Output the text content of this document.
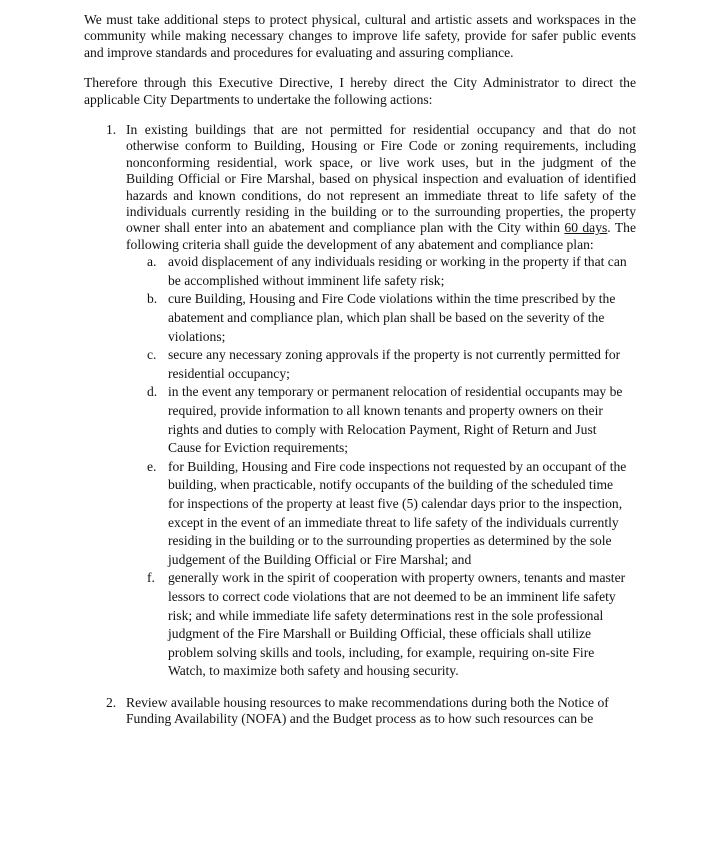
We must take additional steps to protect physical, cultural and artistic assets and workspaces in the community while making necessary changes to improve life safety, provide for safer public events and improve standards and procedures for evaluating and assuring compliance.

Therefore through this Executive Directive, I hereby direct the City Administrator to direct the applicable City Departments to undertake the following actions:

1. In existing buildings that are not permitted for residential occupancy and that do not otherwise conform to Building, Housing or Fire Code or zoning requirements, including nonconforming residential, work space, or live work uses, but in the judgment of the Building Official or Fire Marshal, based on physical inspection and evaluation of identified hazards and known conditions, do not represent an immediate threat to life safety of the individuals currently residing in the building or to the surrounding properties, the property owner shall enter into an abatement and compliance plan with the City within 60 days. The following criteria shall guide the development of any abatement and compliance plan:

a. avoid displacement of any individuals residing or working in the property if that can be accomplished without imminent life safety risk;

b. cure Building, Housing and Fire Code violations within the time prescribed by the abatement and compliance plan, which plan shall be based on the severity of the violations;

c. secure any necessary zoning approvals if the property is not currently permitted for residential occupancy;

d. in the event any temporary or permanent relocation of residential occupants may be required, provide information to all known tenants and property owners on their rights and duties to comply with Relocation Payment, Right of Return and Just Cause for Eviction requirements;

e. for Building, Housing and Fire code inspections not requested by an occupant of the building, when practicable, notify occupants of the building of the scheduled time for inspections of the property at least five (5) calendar days prior to the inspection, except in the event of an immediate threat to life safety of the individuals currently residing in the building or to the surrounding properties as determined by the sole judgement of the Building Official or Fire Marshal; and

f. generally work in the spirit of cooperation with property owners, tenants and master lessors to correct code violations that are not deemed to be an imminent life safety risk; and while immediate life safety determinations rest in the sole professional judgment of the Fire Marshall or Building Official, these officials shall utilize problem solving skills and tools, including, for example, requiring on-site Fire Watch, to maximize both safety and housing security.

2. Review available housing resources to make recommendations during both the Notice of Funding Availability (NOFA) and the Budget process as to how such resources can be
